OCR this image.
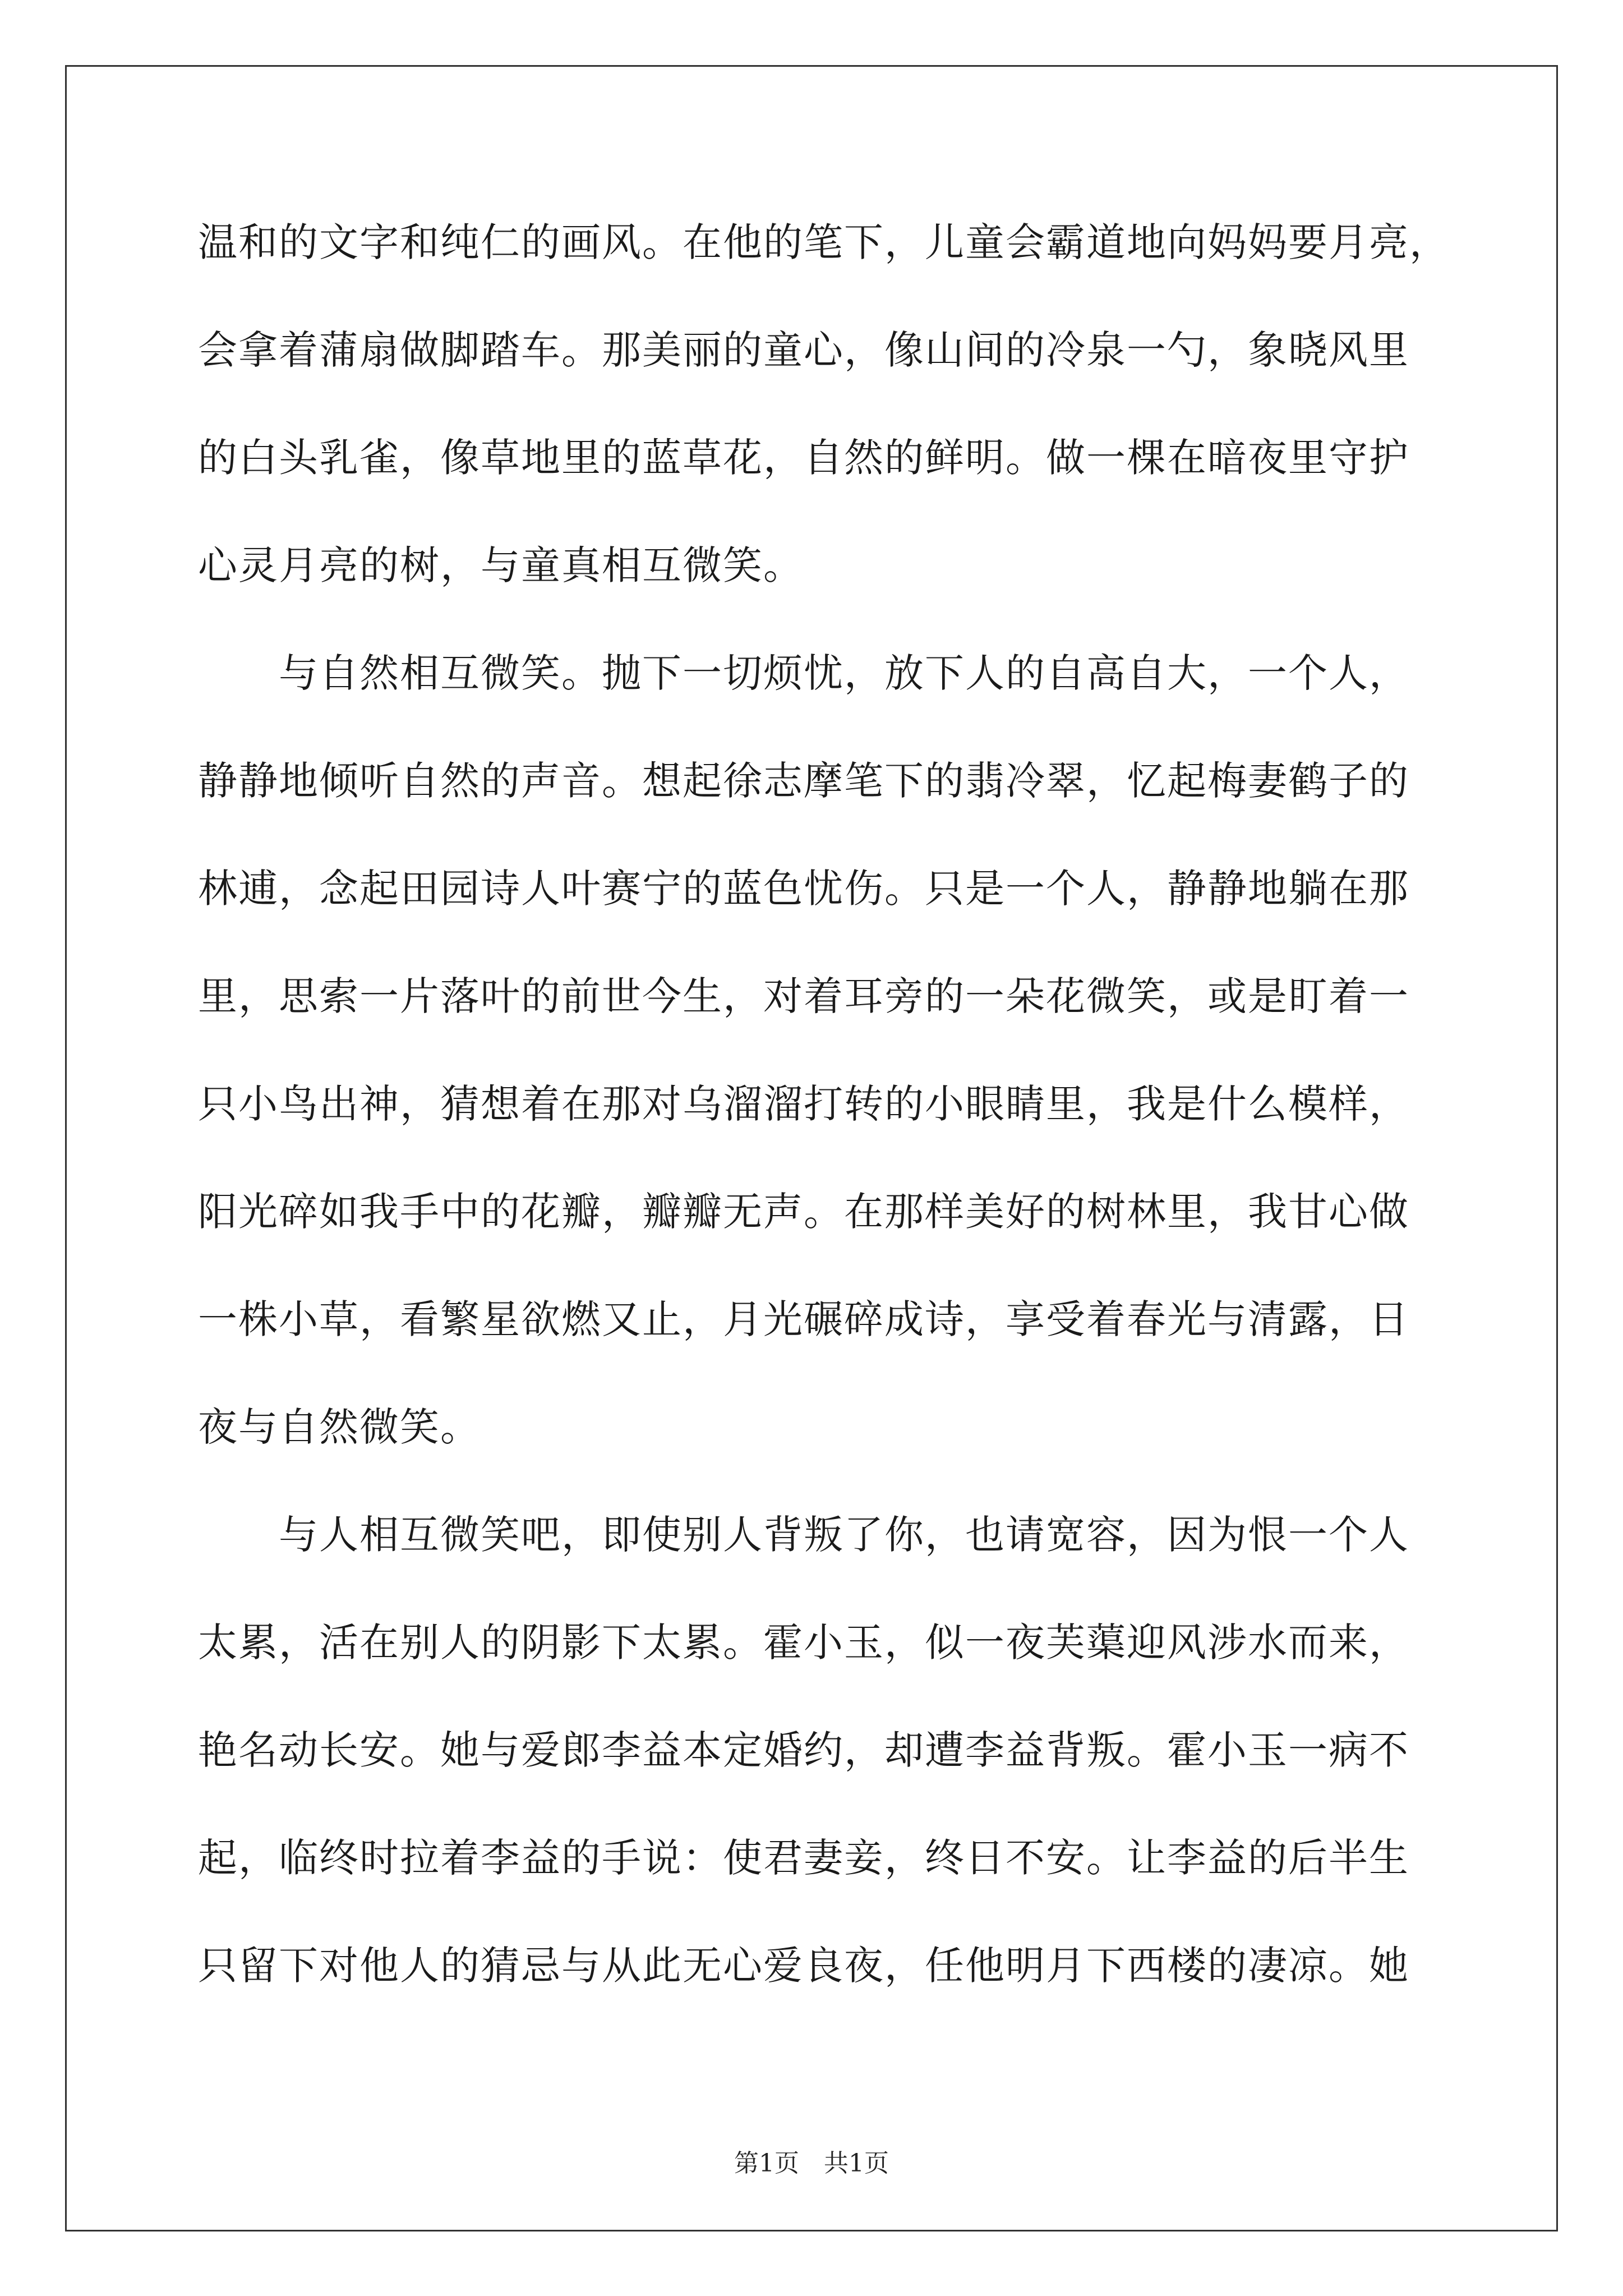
温和的文字和纯仁的画风。在他的笔下，儿童会霸道地向妈妈要月亮，
会拿着蒲扇做脚踏车。那美丽的童心，像山间的冷泉一勺，象晓风里
的白头乳雀，像草地里的蓝草花，自然的鲜明。做一棵在暗夜里守护
心灵月亮的树，与童真相互微笑。
　　与自然相互微笑。抛下一切烦忧，放下人的自高自大，一个人，
静静地倾听自然的声音。想起徐志摩笔下的翡冷翠，忆起梅妻鹤子的
林逋，念起田园诗人叶赛宁的蓝色忧伤。只是一个人，静静地躺在那
里，思索一片落叶的前世今生，对着耳旁的一朵花微笑，或是盯着一
只小鸟出神，猜想着在那对乌溜溜打转的小眼睛里，我是什么模样，
阳光碎如我手中的花瓣，瓣瓣无声。在那样美好的树林里，我甘心做
一株小草，看繁星欲燃又止，月光碾碎成诗，享受着春光与清露，日
夜与自然微笑。
　　与人相互微笑吧，即使别人背叛了你，也请宽容，因为恨一个人
太累，活在别人的阴影下太累。霍小玉，似一夜芙蕖迎风涉水而来，
艳名动长安。她与爱郎李益本定婚约，却遭李益背叛。霍小玉一病不
起，临终时拉着李益的手说：使君妻妾，终日不安。让李益的后半生
只留下对他人的猜忌与从此无心爱良夜，任他明月下西楼的凄凉。她
第1页　共1页
